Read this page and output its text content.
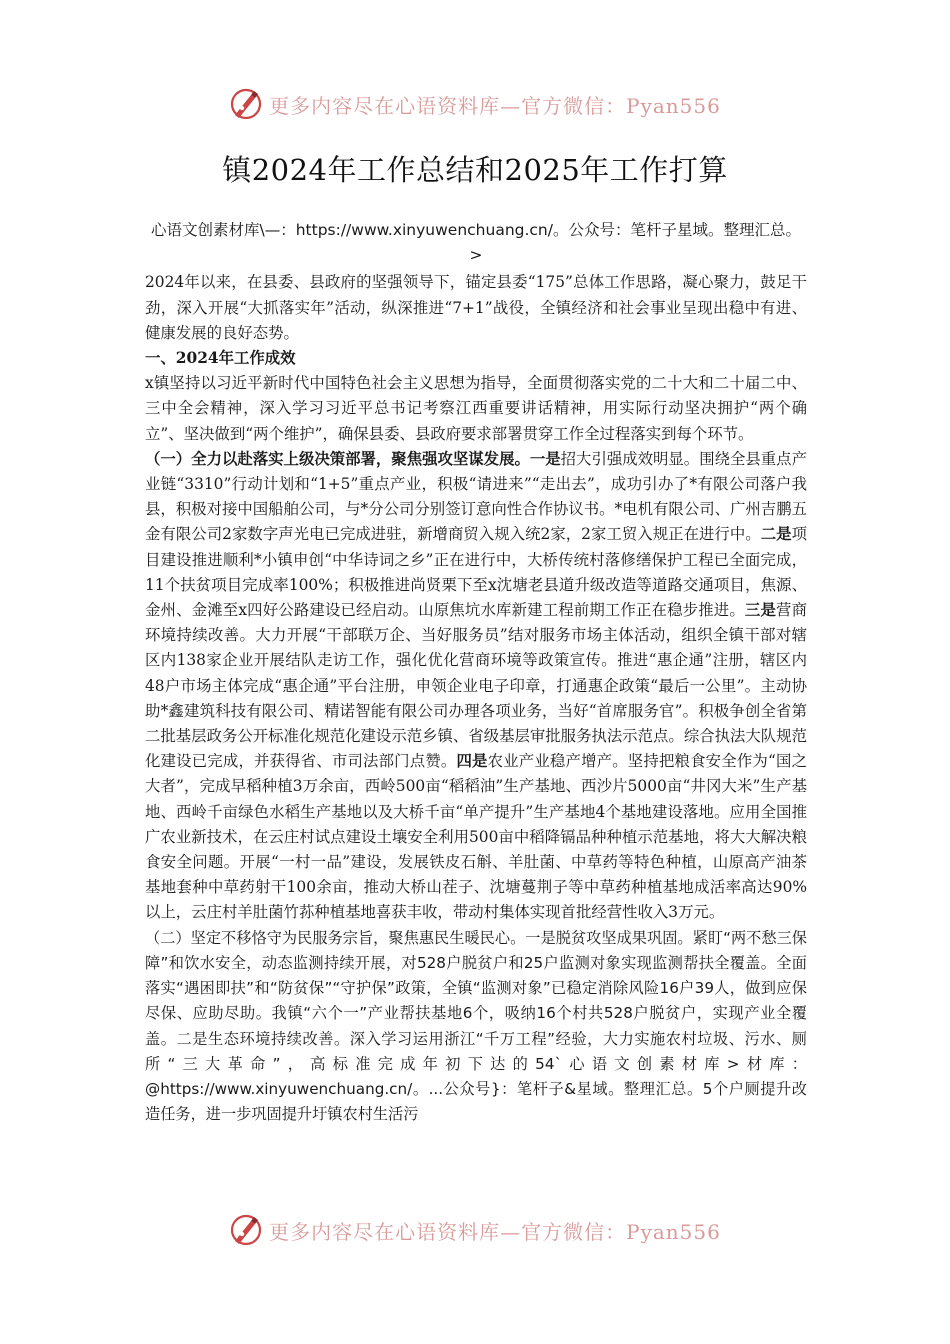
更多内容尽在心语资料库—官方微信：Pyan556
镇2024年工作总结和2025年工作打算

心语文创素材库\—：https://www.xinyuwenchuang.cn/。公众号：笔杆子星域。整理汇总。>

2024年以来，在县委、县政府的坚强领导下，锚定县委“175”总体工作思路，凝心聚力，鼓足干劲，深入开展“大抓落实年”活动，纵深推进“7+1”战役，全镇经济和社会事业呈现出稳中有进、健康发展的良好态势。

一、2024年工作成效

x镇坚持以习近平新时代中国特色社会主义思想为指导，全面贯彻落实党的二十大和二十届二中、三中全会精神，深入学习习近平总书记考察江西重要讲话精神，用实际行动坚决拥护“两个确立”、坚决做到“两个维护”，确保县委、县政府要求部署贯穿工作全过程落实到每个环节。

（一）全力以赴落实上级决策部署，聚焦强攻坚谋发展。一是招大引强成效明显。围绕全县重点产业链“3310”行动计划和“1+5”重点产业，积极“请进来”“走出去”，成功引办了*有限公司落户我县，积极对接中国船舶公司，与*分公司分别签订意向性合作协议书。*电机有限公司、广州吉鹏五金有限公司2家数字声光电已完成进驻，新增商贸入规入统2家，2家工贸入规正在进行中。二是项目建设推进顺利*小镇申创“中华诗词之乡”正在进行中，大桥传统村落修缮保护工程已全面完成，11个扶贫项目完成率100%；积极推进尚贤栗下至x沈塘老县道升级改造等道路交通项目，焦源、金州、金滩至x四好公路建设已经启动。山原焦坑水库新建工程前期工作正在稳步推进。三是营商环境持续改善。大力开展“干部联万企、当好服务员”结对服务市场主体活动，组织全镇干部对辖区内138家企业开展结队走访工作，强化优化营商环境等政策宣传。推进“惠企通”注册，辖区内48户市场主体完成“惠企通”平台注册，申领企业电子印章，打通惠企政策“最后一公里”。主动协助*鑫建筑科技有限公司、精诺智能有限公司办理各项业务，当好“首席服务官”。积极争创全省第二批基层政务公开标准化规范化建设示范乡镇、省级基层审批服务执法示范点。综合执法大队规范化建设已完成，并获得省、市司法部门点赞。四是农业产业稳产增产。坚持把粮食安全作为“国之大者”，完成早稻种植3万余亩，西岭500亩“稻稻油”生产基地、西沙片5000亩“井冈大米”生产基地、西岭千亩绿色水稻生产基地以及大桥千亩“单产提升”生产基地4个基地建设落地。应用全国推广农业新技术，在云庄村试点建设土壤安全利用500亩中稻降镉品种种植示范基地，将大大解决粮食安全问题。开展“一村一品”建设，发展铁皮石斛、羊肚菌、中草药等特色种植，山原高产油茶基地套种中草药射干100余亩，推动大桥山茬子、沈塘蔓荆子等中草药种植基地成活率高达90%以上，云庄村羊肚菌竹荪种植基地喜获丰收，带动村集体实现首批经营性收入3万元。

（二）坚定不移恪守为民服务宗旨，聚焦惠民生暖民心。一是脱贫攻坚成果巩固。紧盯“两不愁三保障”和饮水安全，动态监测持续开展，对528户脱贫户和25户监测对象实现监测帮扶全覆盖。全面落实“遇困即扶”和“防贫保”“守护保”政策，全镇“监测对象”已稳定消除风险16户39人，做到应保尽保、应助尽助。我镇“六个一”产业帮扶基地6个，吸纳16个村共528户脱贫户，实现产业全覆盖。二是生态环境持续改善。深入学习运用浙江“千万工程”经验，大力实施农村垃圾、污水、厕所“三大革命”，高标准完成年初下达的54`心语文创素材库>材库：@https://www.xinyuwenchuang.cn/。...公众号}：笔杆子&星域。整理汇总。5个户厕提升改造任务，进一步巩固提升圩镇农村生活污

更多内容尽在心语资料库—官方微信：Pyan556
